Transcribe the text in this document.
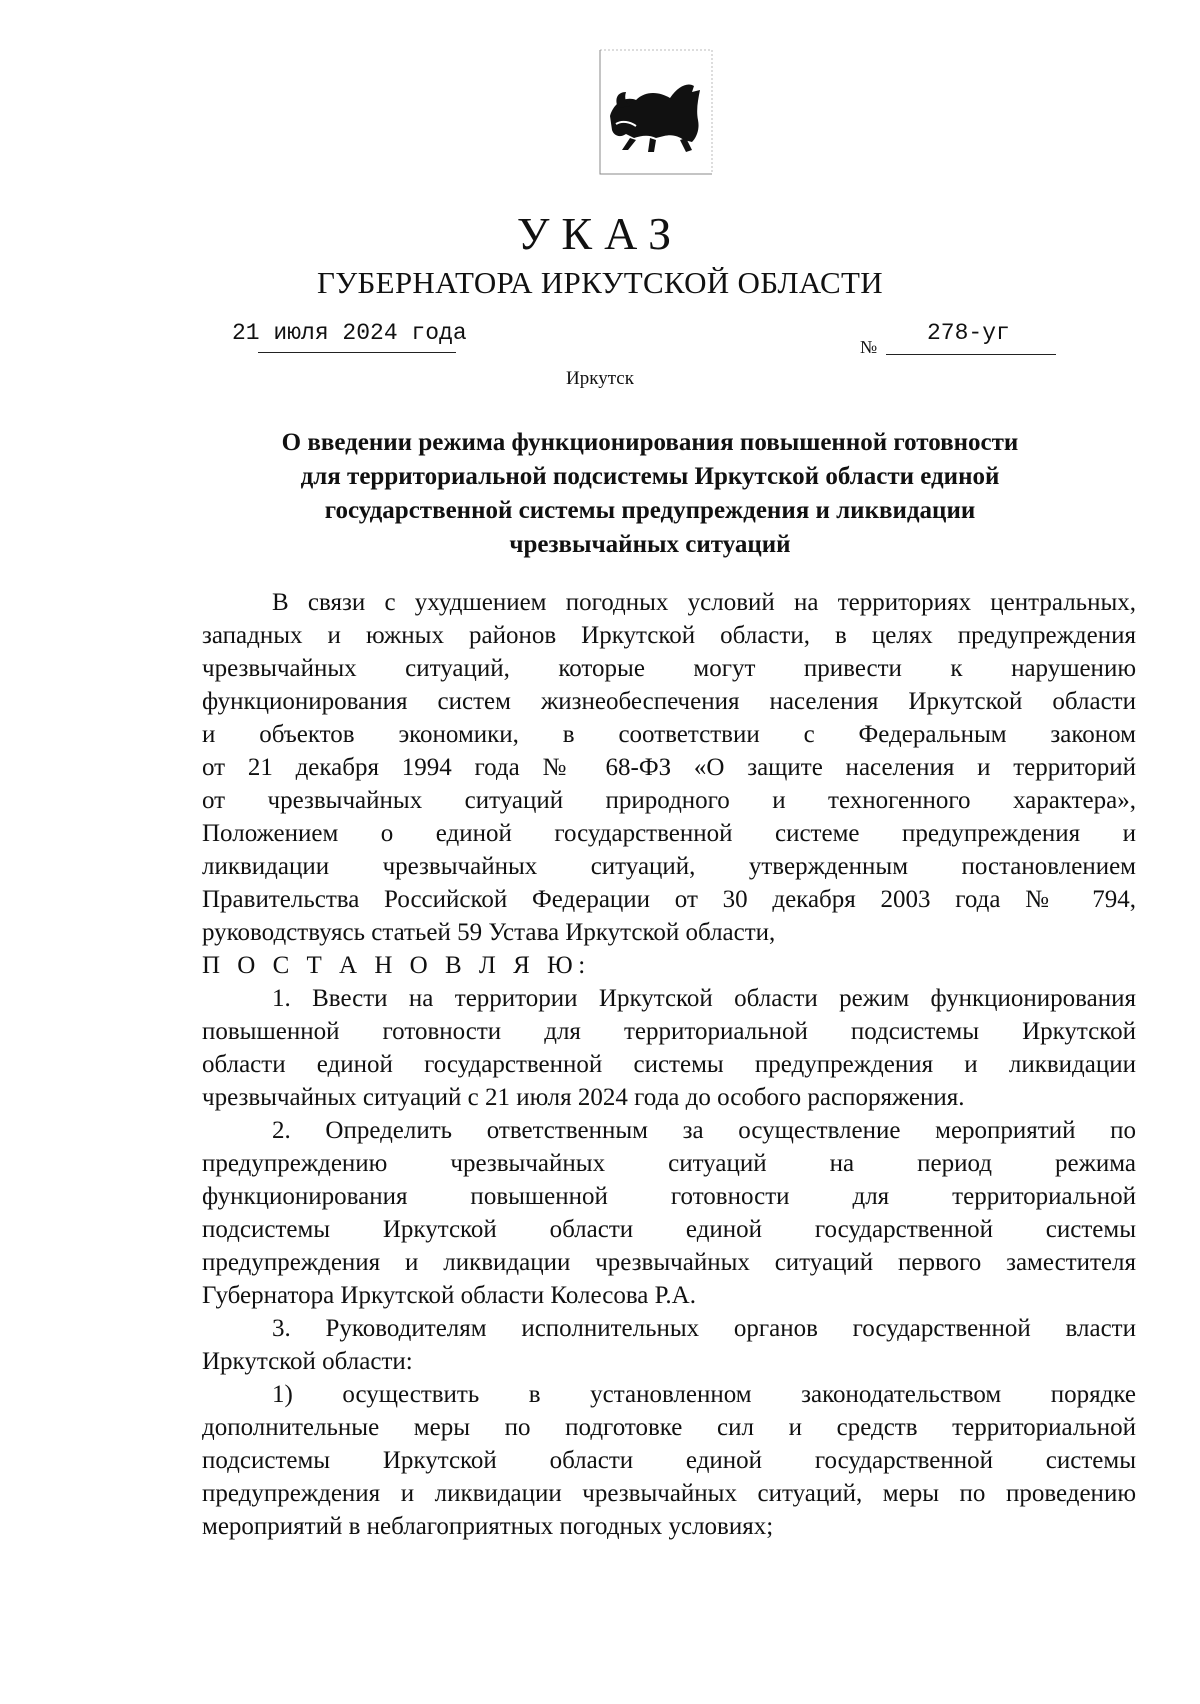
УКАЗ
ГУБЕРНАТОРА ИРКУТСКОЙ ОБЛАСТИ
21 июля 2024 года
№
278-уг
Иркутск
О введении режима функционирования повышенной готовности
для территориальной подсистемы Иркутской области единой
государственной системы предупреждения и ликвидации
чрезвычайных ситуаций
В связи с ухудшением погодных условий на территориях центральных,
западных и южных районов Иркутской области, в целях предупреждения
чрезвычайных ситуаций, которые могут привести к нарушению
функционирования систем жизнеобеспечения населения Иркутской области
и объектов экономики, в соответствии с Федеральным законом
от 21 декабря 1994 года № 68-ФЗ «О защите населения и территорий
от чрезвычайных ситуаций природного и техногенного характера»,
Положением о единой государственной системе предупреждения и
ликвидации чрезвычайных ситуаций, утвержденным постановлением
Правительства Российской Федерации от 30 декабря 2003 года № 794,
руководствуясь статьей 59 Устава Иркутской области,
П О С Т А Н О В Л Я Ю:
1. Ввести на территории Иркутской области режим функционирования
повышенной готовности для территориальной подсистемы Иркутской
области единой государственной системы предупреждения и ликвидации
чрезвычайных ситуаций с 21 июля 2024 года до особого распоряжения.
2. Определить ответственным за осуществление мероприятий по
предупреждению чрезвычайных ситуаций на период режима
функционирования повышенной готовности для территориальной
подсистемы Иркутской области единой государственной системы
предупреждения и ликвидации чрезвычайных ситуаций первого заместителя
Губернатора Иркутской области Колесова Р.А.
3. Руководителям исполнительных органов государственной власти
Иркутской области:
1) осуществить в установленном законодательством порядке
дополнительные меры по подготовке сил и средств территориальной
подсистемы Иркутской области единой государственной системы
предупреждения и ликвидации чрезвычайных ситуаций, меры по проведению
мероприятий в неблагоприятных погодных условиях;
